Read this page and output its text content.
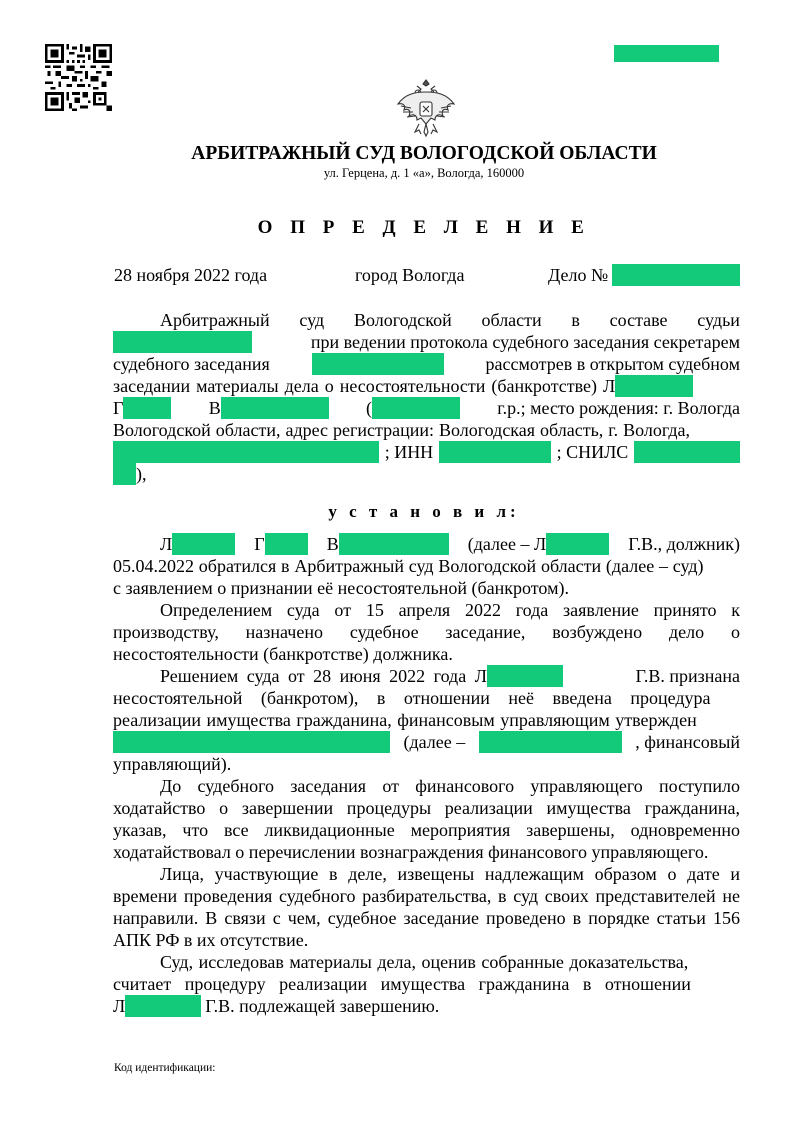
АРБИТРАЖНЫЙ СУД ВОЛОГОДСКОЙ ОБЛАСТИ
ул. Герцена, д. 1 «а», Вологда, 160000
О П Р Е Д Е Л Е Н И Е
28 ноября 2022 года	город Вологда	Дело №
Арбитражный суд Вологодской области в составе судьи
при ведении протокола судебного заседания секретарем
судебного заседания	рассмотрев в открытом судебном
заседании материалы дела о несостоятельности (банкротстве) Л
Г	В	(	г.р.; место рождения: г. Вологда
Вологодской области, адрес регистрации: Вологодская область, г. Вологда,
; ИНН	; СНИЛС
),
у с т а н о в и л:
Л	Г	В	(далее – Л	Г.В., должник)
05.04.2022 обратился в Арбитражный суд Вологодской области (далее – суд)
с заявлением о признании её несостоятельной (банкротом).

Определением суда от 15 апреля 2022 года заявление принято к производству, назначено судебное заседание, возбуждено дело о несостоятельности (банкротстве) должника.

Решением суда от 28 июня 2022 года Л	Г.В. признана
несостоятельной (банкротом), в отношении неё введена процедура
реализации имущества гражданина, финансовым управляющим утвержден
(далее –	, финансовый
управляющий).

До судебного заседания от финансового управляющего поступило ходатайство о завершении процедуры реализации имущества гражданина, указав, что все ликвидационные мероприятия завершены, одновременно ходатайствовал о перечислении вознаграждения финансового управляющего.

Лица, участвующие в деле, извещены надлежащим образом о дате и времени проведения судебного разбирательства, в суд своих представителей не направили. В связи с чем, судебное заседание проведено в порядке статьи 156 АПК РФ в их отсутствие.

Суд, исследовав материалы дела, оценив собранные доказательства,
считает процедуру реализации имущества гражданина в отношении
Л	Г.В. подлежащей завершению.
Код идентификации:
